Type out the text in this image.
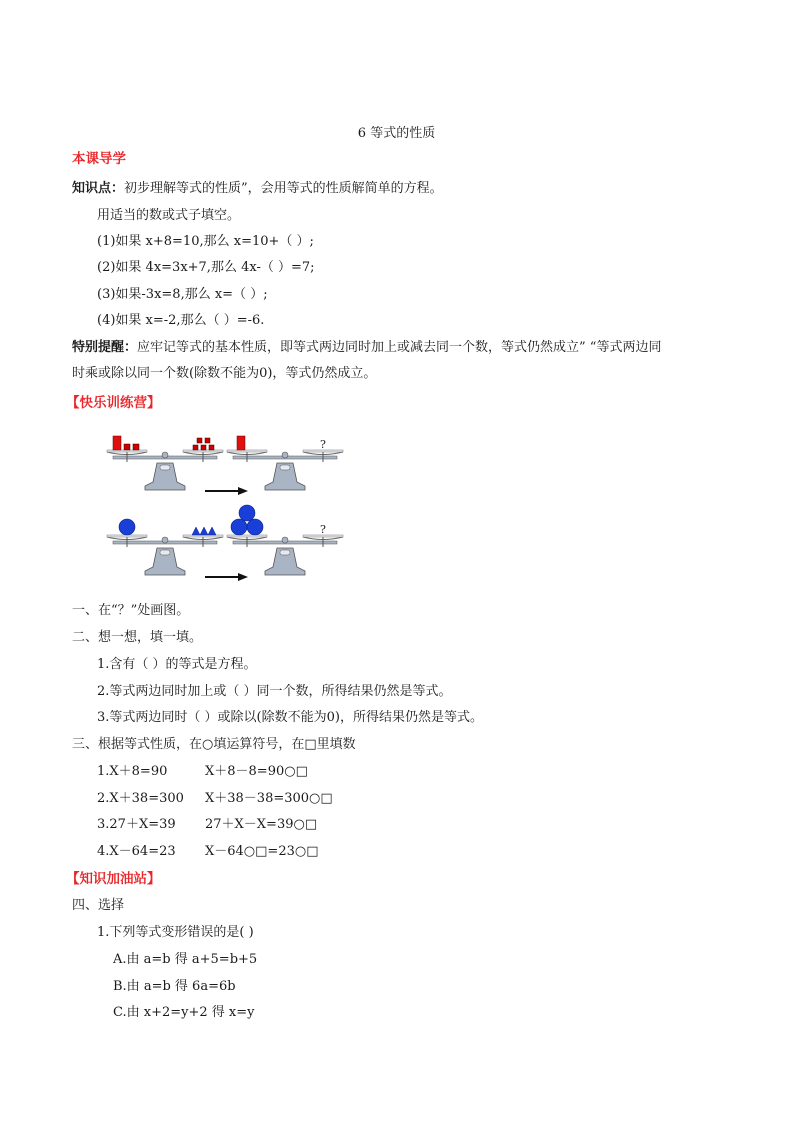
6 等式的性质
本课导学
知识点：初步理解等式的性质”，会用等式的性质解简单的方程。
用适当的数或式子填空。
(1)如果 x+8=10,那么 x=10+（ ）;
(2)如果 4x=3x+7,那么 4x-（ ）=7;
(3)如果-3x=8,那么 x=（ ）;
(4)如果 x=-2,那么（ ）=-6.
特别提醒：应牢记等式的基本性质，即等式两边同时加上或减去同一个数，等式仍然成立” “等式两边同
时乘或除以同一个数(除数不能为0)，等式仍然成立。
【快乐训练营】
?
?
一、在“？”处画图。
二、想一想，填一填。
1.含有（ ）的等式是方程。
2.等式两边同时加上或（ ）同一个数，所得结果仍然是等式。
3.等式两边同时（ ）或除以(除数不能为0)，所得结果仍然是等式。
三、根据等式性质，在○填运算符号，在□里填数
1.X＋8=90	X＋8－8=90○□
2.X＋38=300 X＋38－38=300○□
3.27＋X=39 27＋X－X=39○□
4.X－64=23 X－64○□=23○□
【知识加油站】
四、选择
1.下列等式变形错误的是( )
A.由 a=b 得 a+5=b+5
B.由 a=b 得 6a=6b
C.由 x+2=y+2 得 x=y
